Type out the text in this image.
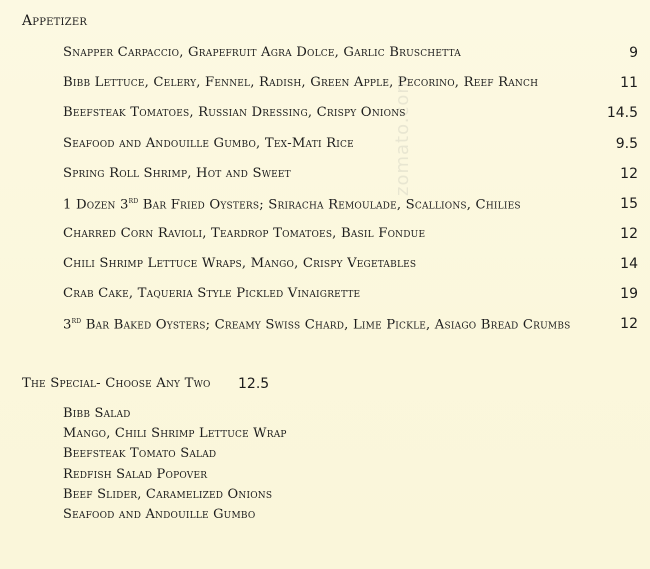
Appetizer
Snapper Carpaccio, Grapefruit Agra Dolce, Garlic Bruschetta	9
Bibb Lettuce, Celery, Fennel, Radish, Green Apple, Pecorino, Reef Ranch	11
Beefsteak Tomatoes, Russian Dressing, Crispy Onions	14.5
Seafood and Andouille Gumbo, Tex-Mati Rice	9.5
Spring Roll Shrimp, Hot and Sweet	12
1 Dozen 3rd Bar Fried Oysters; Sriracha Remoulade, Scallions, Chilies	15
Charred Corn Ravioli, Teardrop Tomatoes, Basil Fondue	12
Chili Shrimp Lettuce Wraps, Mango, Crispy Vegetables	14
Crab Cake, Taqueria Style Pickled Vinaigrette	19
3rd Bar Baked Oysters; Creamy Swiss Chard, Lime Pickle, Asiago Bread Crumbs	12
The Special- Choose Any Two 12.5
Bibb Salad
Mango, Chili Shrimp Lettuce Wrap
Beefsteak Tomato Salad
Redfish Salad Popover
Beef Slider, Caramelized Onions
Seafood and Andouille Gumbo
zomato.com
